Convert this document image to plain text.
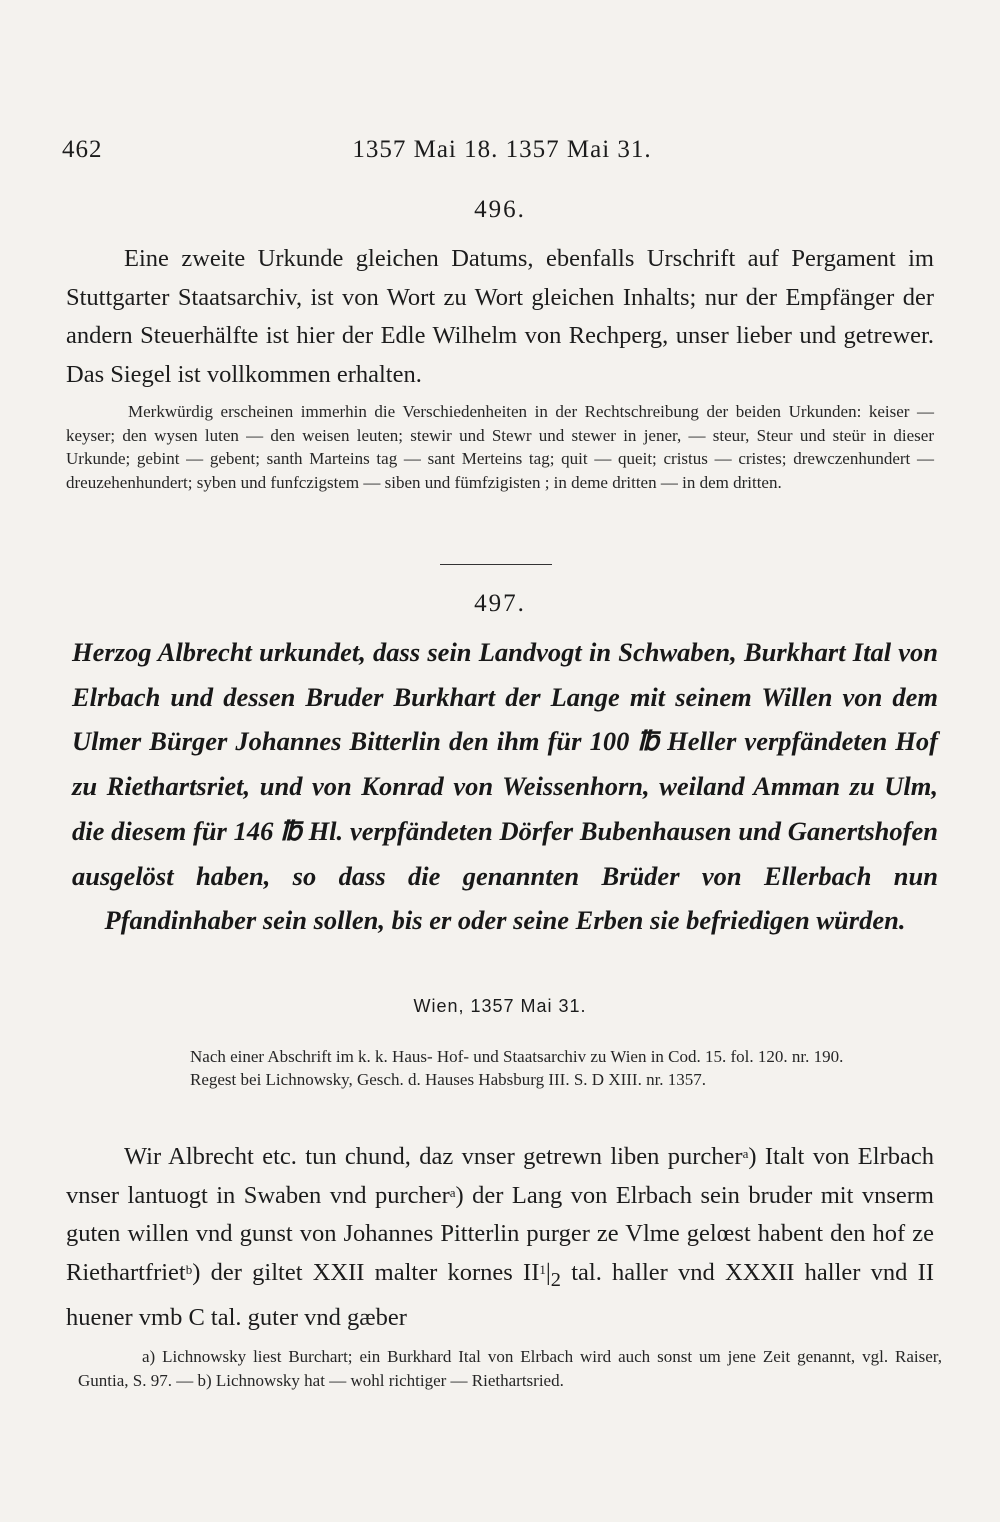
462	1357 Mai 18. 1357 Mai 31.
496.

Eine zweite Urkunde gleichen Datums, ebenfalls Urschrift auf Pergament im Stuttgarter Staatsarchiv, ist von Wort zu Wort gleichen Inhalts; nur der Empfänger der andern Steuerhälfte ist hier der Edle Wilhelm von Rechperg, unser lieber und getrewer. Das Siegel ist vollkommen erhalten.

Merkwürdig erscheinen immerhin die Verschiedenheiten in der Rechtschreibung der beiden Urkunden: keiser — keyser; den wysen luten — den weisen leuten; stewir und Stewr und stewer in jener, — steur, Steur und steür in dieser Urkunde; gebint — gebent; santh Marteins tag — sant Merteins tag; quit — queit; cristus — cristes; drewczenhundert — dreuzehenhundert; syben und funfczigstem — siben und fümfzigisten ; in deme dritten — in dem dritten.

497.

Herzog Albrecht urkundet, dass sein Landvogt in Schwaben, Burkhart Ital von Elrbach und dessen Bruder Burkhart der Lange mit seinem Willen von dem Ulmer Bürger Johannes Bitterlin den ihm für 100 ℔ Heller verpfändeten Hof zu Riethartsriet, und von Konrad von Weissenhorn, weiland Amman zu Ulm, die diesem für 146 ℔ Hl. verpfändeten Dörfer Bubenhausen und Ganertshofen ausgelöst haben, so dass die genannten Brüder von Ellerbach nun Pfandinhaber sein sollen, bis er oder seine Erben sie befriedigen würden.

Wien, 1357 Mai 31.

Nach einer Abschrift im k. k. Haus- Hof- und Staatsarchiv zu Wien in Cod. 15. fol. 120. nr. 190.

Regest bei Lichnowsky, Gesch. d. Hauses Habsburg III. S. D XIII. nr. 1357.

Wir Albrecht etc. tun chund, daz vnser getrewn liben purcher$^a$) Italt von Elrbach vnser lantuogt in Swaben vnd purcher$^a$) der Lang von Elrbach sein bruder mit vnserm guten willen vnd gunst von Johannes Pitterlin purger ze Vlme gelœst habent den hof ze Riethartfriet$^b$) der giltet XXII malter kornes $II^1|_2$ tal. haller vnd XXXII haller vnd II huener vmb C tal. guter vnd gæber

a) Lichnowsky liest Burchart; ein Burkhard Ital von Elrbach wird auch sonst um jene Zeit genannt, vgl. Raiser, Guntia, S. 97. — b) Lichnowsky hat — wohl richtiger — Riethartsried.
